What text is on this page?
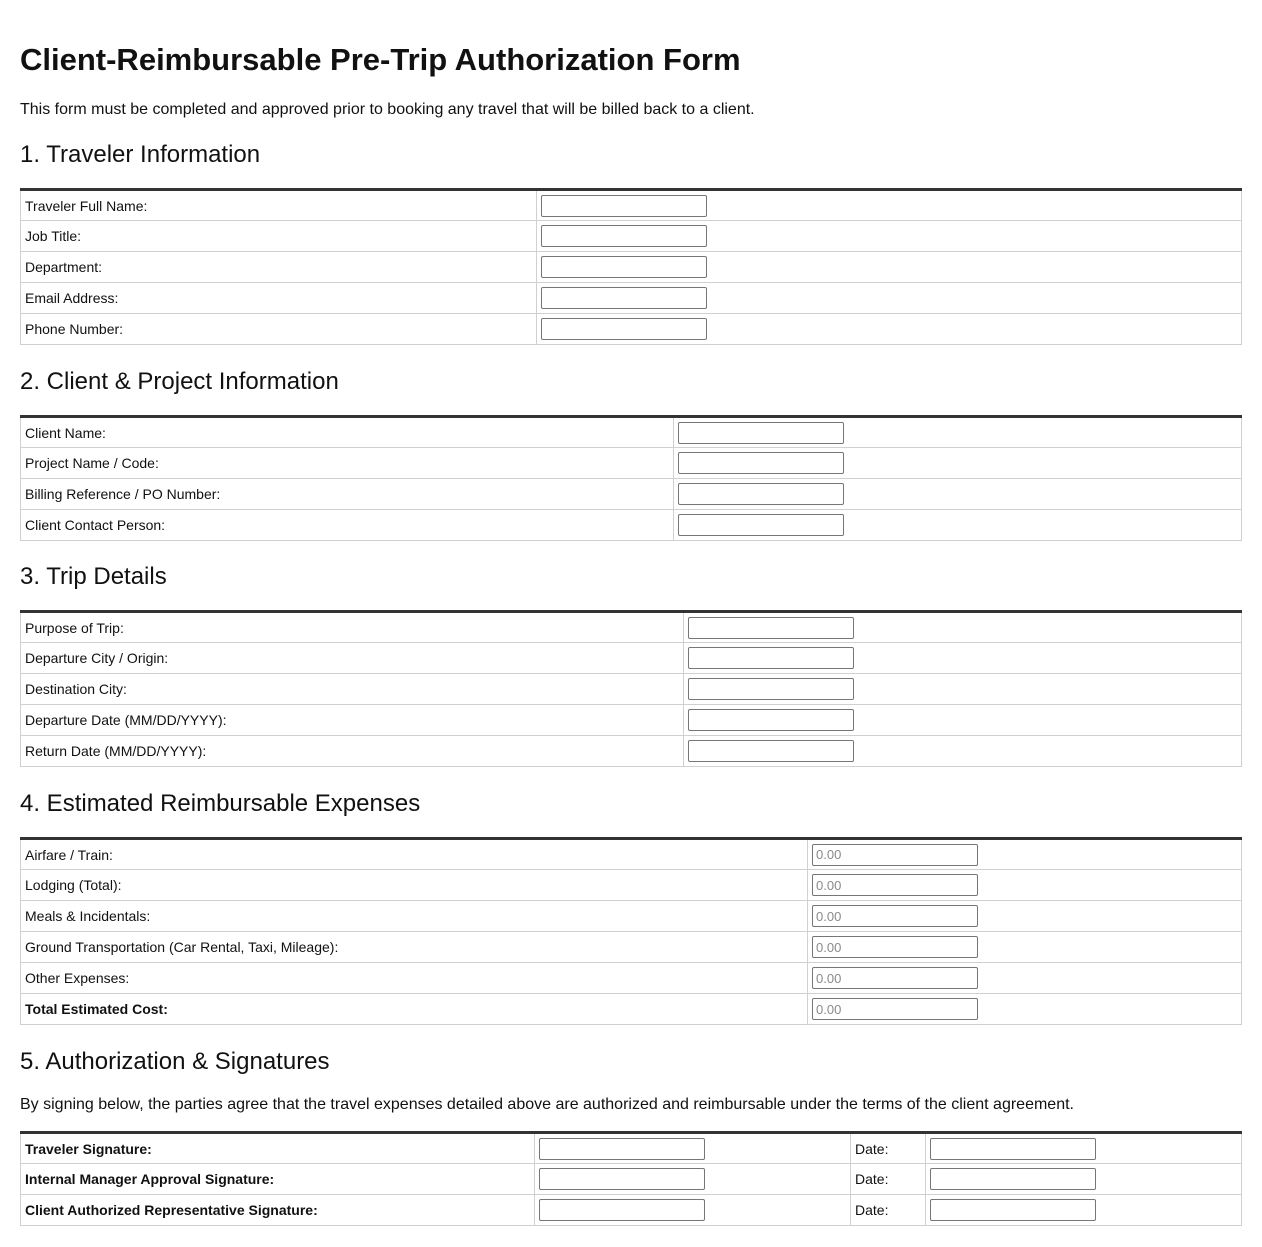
Client-Reimbursable Pre-Trip Authorization Form

This form must be completed and approved prior to booking any travel that will be billed back to a client.

1. Traveler Information
Traveler Full Name:	

Job Title:	

Department:	

Email Address:	

Phone Number:	
2. Client & Project Information
Client Name:	

Project Name / Code:	

Billing Reference / PO Number:	

Client Contact Person:	
3. Trip Details
Purpose of Trip:	

Departure City / Origin:	

Destination City:	

Departure Date (MM/DD/YYYY):	

Return Date (MM/DD/YYYY):	
4. Estimated Reimbursable Expenses
Airfare / Train:	
0.00
Lodging (Total):	
0.00
Meals & Incidentals:	
0.00
Ground Transportation (Car Rental, Taxi, Mileage):	
0.00
Other Expenses:	
0.00
Total Estimated Cost:	
0.00
5. Authorization & Signatures

By signing below, the parties agree that the travel expenses detailed above are authorized and reimbursable under the terms of the client agreement.

Traveler Signature:		Date:	

Internal Manager Approval Signature:		Date:	

Client Authorized Representative Signature:		Date:	
